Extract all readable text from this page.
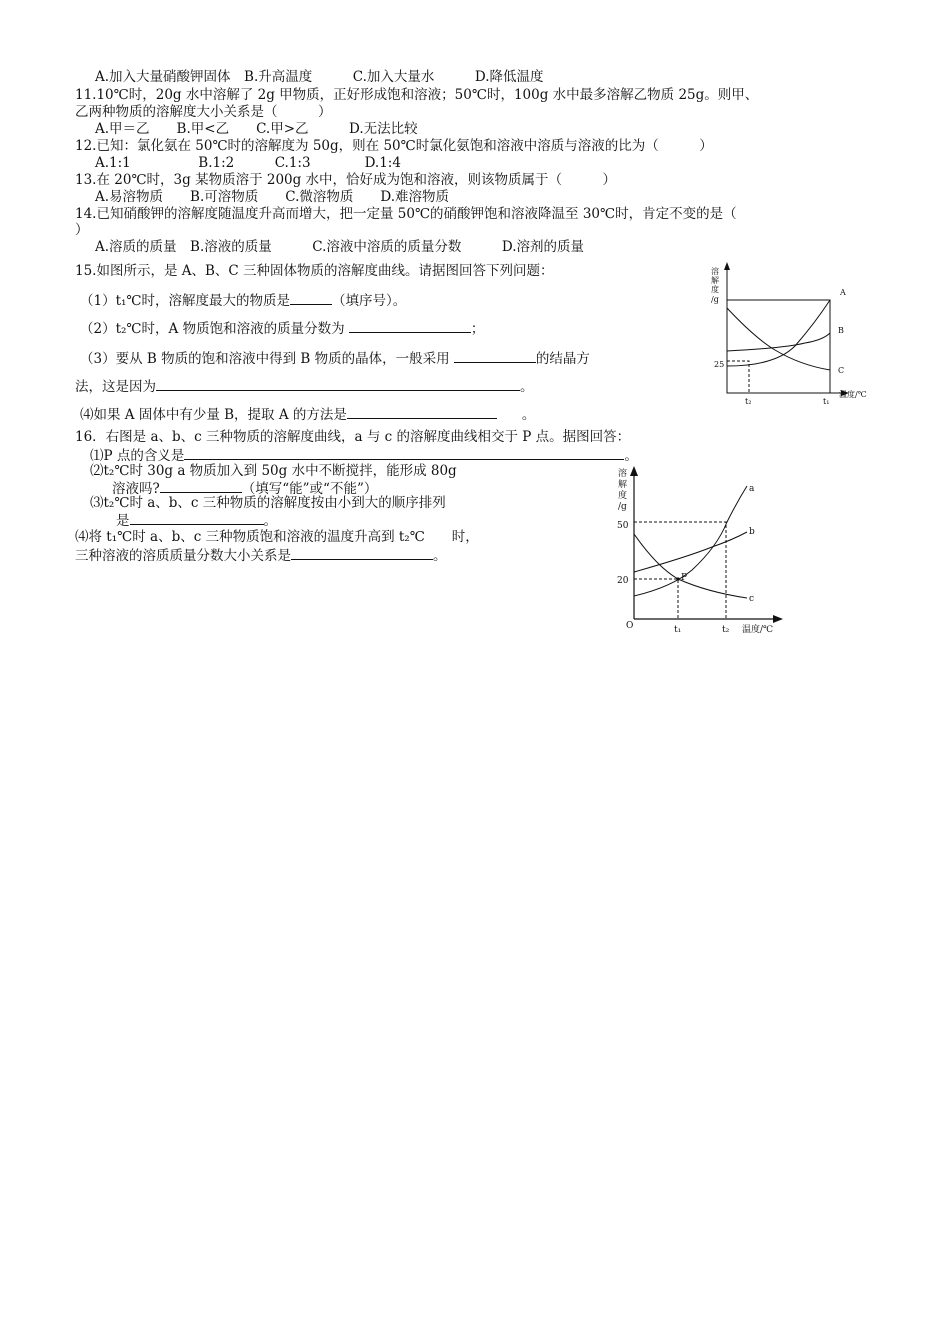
A.加入大量硝酸钾固体　B.升高温度　　　C.加入大量水　　　D.降低温度
11.10℃时，20g 水中溶解了 2g 甲物质，正好形成饱和溶液；50℃时，100g 水中最多溶解乙物质 25g。则甲、
乙两种物质的溶解度大小关系是（　　　）
A.甲＝乙　　B.甲<乙　　C.甲>乙　　　D.无法比较
12.已知：氯化氨在 50℃时的溶解度为 50g，则在 50℃时氯化氨饱和溶液中溶质与溶液的比为（　　　）
A.1:1　　　　　B.1:2　　　C.1:3　　　　D.1:4
13.在 20℃时，3g 某物质溶于 200g 水中，恰好成为饱和溶液，则该物质属于（　　　）
A.易溶物质　　B.可溶物质　　C.微溶物质　　D.难溶物质
14.已知硝酸钾的溶解度随温度升高而增大，把一定量 50℃的硝酸钾饱和溶液降温至 30℃时，肯定不变的是（
）
A.溶质的质量　B.溶液的质量　　　C.溶液中溶质的质量分数　　　D.溶剂的质量
15.如图所示，是 A、B、C 三种固体物质的溶解度曲线。请据图回答下列问题：
（1）t₁℃时，溶解度最大的物质是	（填序号）。
（2）t₂℃时，A 物质饱和溶液的质量分数为	；
（3）要从 B 物质的饱和溶液中得到 B 物质的晶体，一般采用	的结晶方
法，这是因为	。
⑷如果 A 固体中有少量 B，提取 A 的方法是	。
溶
解
度
/g
25
t₂	t₁
温度/℃
A
B
C
16．右图是 a、b、c 三种物质的溶解度曲线，a 与 c 的溶解度曲线相交于 P 点。据图回答：
⑴P 点的含义是	。
⑵t₂℃时 30g a 物质加入到 50g 水中不断搅拌，能形成 80g
溶液吗?	（填写“能”或“不能”）
⑶t₂℃时 a、b、c 三种物质的溶解度按由小到大的顺序排列
是	。
⑷将 t₁℃时 a、b、c 三种物质饱和溶液的温度升高到 t₂℃　　时，
三种溶液的溶质质量分数大小关系是	。
溶
解
度
/g
50
20
O	t₁	t₂ 温度/℃
a
b
c
P
